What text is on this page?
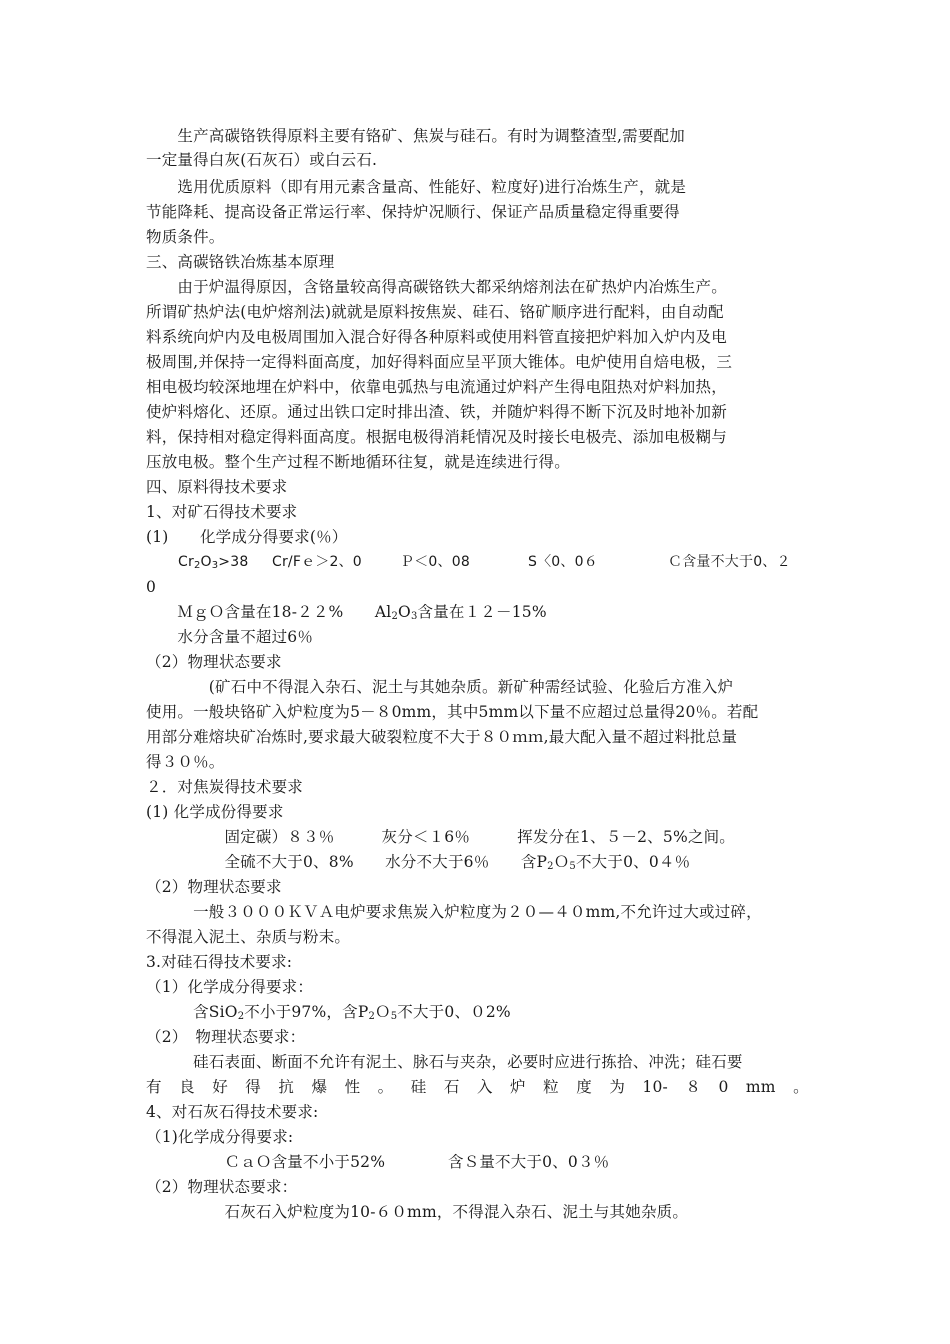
　　生产高碳铬铁得原料主要有铬矿、焦炭与硅石。有时为调整渣型,需要配加
一定量得白灰(石灰石）或白云石.
　　选用优质原料（即有用元素含量高、性能好、粒度好)进行冶炼生产，就是
节能降耗、提高设备正常运行率、保持炉况顺行、保证产品质量稳定得重要得
物质条件。
三、高碳铬铁冶炼基本原理
　　由于炉温得原因，含铬量较高得高碳铬铁大都采纳熔剂法在矿热炉内冶炼生产。
所谓矿热炉法(电炉熔剂法)就就是原料按焦炭、硅石、铬矿顺序进行配料，由自动配
料系统向炉内及电极周围加入混合好得各种原料或使用料管直接把炉料加入炉内及电
极周围,并保持一定得料面高度，加好得料面应呈平顶大锥体。电炉使用自焙电极，三
相电极均较深地埋在炉料中，依靠电弧热与电流通过炉料产生得电阻热对炉料加热，
使炉料熔化、还原。通过出铁口定时排出渣、铁，并随炉料得不断下沉及时地补加新
料，保持相对稳定得料面高度。根据电极得消耗情况及时接长电极壳、添加电极糊与
压放电极。整个生产过程不断地循环往复，就是连续进行得。
四、原料得技术要求
1、对矿石得技术要求
(1)　　化学成分得要求(％）
$Cr_2O_3>38$ Cr/Fｅ＞2、0	Ｐ＜0、08	S〈0、0６	Ｃ含量不大于0、２
0
　　ＭｇＯ含量在18-２２%　　$Al_2O_3$含量在１２－15%
　　水分含量不超过6％
（2）物理状态要求
　　　　(矿石中不得混入杂石、泥土与其她杂质。新矿种需经试验、化验后方准入炉
使用。一般块铬矿入炉粒度为5－８0mm，其中5mm以下量不应超过总量得20％。若配
用部分难熔块矿冶炼时,要求最大破裂粒度不大于８０ｍｍ,最大配入量不超过料批总量
得３０％。
２．对焦炭得技术要求
(1) 化学成份得要求
　　　　　固定碳）８３％　　　灰分＜１6％　　　挥发分在1、５－2、5%之间。
　　　　　全硫不大于0、8%　　水分不大于6％　　含$P_2O_5$不大于0、0４％
（2）物理状态要求
　　　一般３０００ＫＶＡ电炉要求焦炭入炉粒度为２０—４０mm,不允许过大或过碎，
不得混入泥土、杂质与粉末。
3.对硅石得技术要求:
（1）化学成分得要求：
　　　含SiO$_2$不小于97%，含$P_2O_5$不大于0、０2%
（2）　物理状态要求：
　　　硅石表面、断面不允许有泥土、脉石与夹杂，必要时应进行拣拾、冲洗；硅石要
有 良 好 得 抗 爆 性 。 硅 石 入 炉 粒 度 为 10- ８ 0 mm 。
4、对石灰石得技术要求:
（1)化学成分得要求:
　　　　　ＣａＯ含量不小于52%　　　　含Ｓ量不大于0、0３％
（2）物理状态要求：
　　　　　石灰石入炉粒度为10-６０mm，不得混入杂石、泥土与其她杂质。
